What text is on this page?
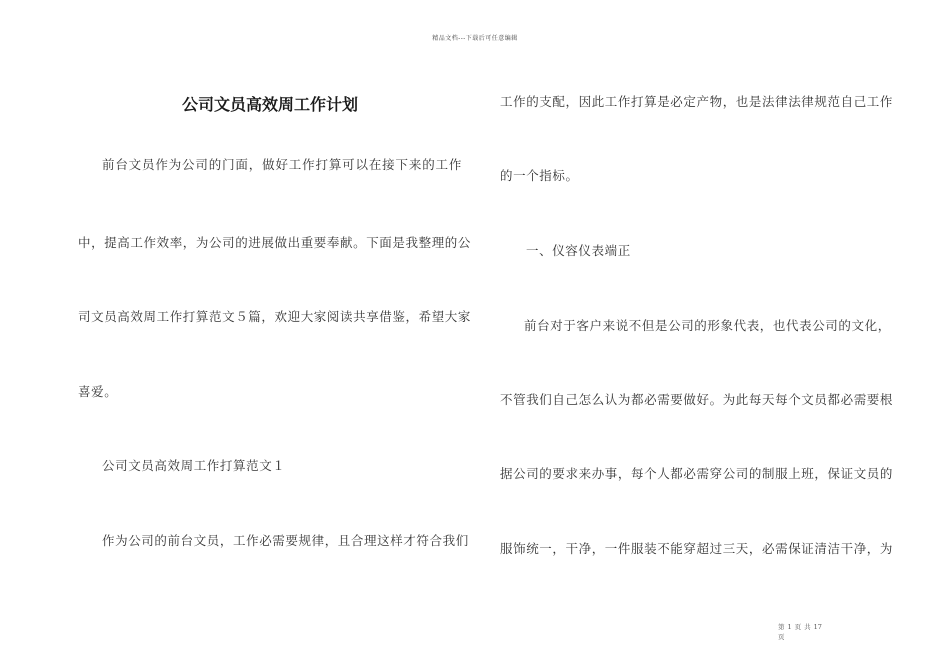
精品文档---下载后可任意编辑
公司文员高效周工作计划
前台文员作为公司的门面，做好工作打算可以在接下来的工作
中，提高工作效率，为公司的进展做出重要奉献。下面是我整理的公
司文员高效周工作打算范文５篇，欢迎大家阅读共享借鉴，希望大家
喜爱。
公司文员高效周工作打算范文１
作为公司的前台文员，工作必需要规律，且合理这样才符合我们
工作的支配，因此工作打算是必定产物，也是法律法律规范自己工作
的一个指标。
一、仪容仪表端正
前台对于客户来说不但是公司的形象代表，也代表公司的文化，
不管我们自己怎么认为都必需要做好。为此每天每个文员都必需要根
据公司的要求来办事，每个人都必需穿公司的制服上班，保证文员的
服饰统一，干净，一件服装不能穿超过三天，必需保证清洁干净，为
第 1 页 共 17
页
